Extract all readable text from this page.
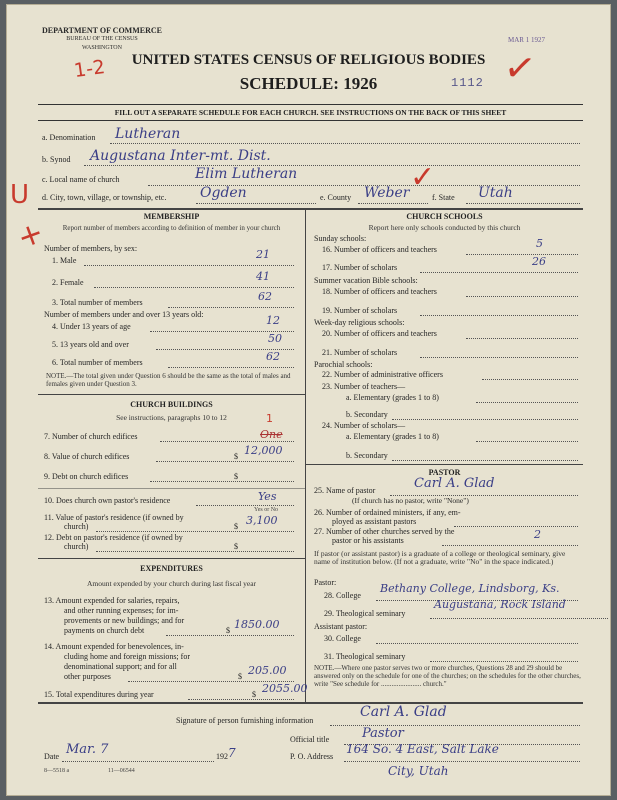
DEPARTMENT OF COMMERCE
BUREAU OF THE CENSUS
WASHINGTON
MAR 1 1927
1-2	UNITED STATES CENSUS OF RELIGIOUS BODIES
SCHEDULE: 1926	1112 ✓
FILL OUT A SEPARATE SCHEDULE FOR EACH CHURCH. SEE INSTRUCTIONS ON THE BACK OF THIS SHEET
a. Denomination Lutheran
b. Synod Augustana Inter-mt. Dist.
c. Local name of church	Elim Lutheran
d. City, town, village, or township, etc. Ogden	e. County Weber	f. State Utah
U	✓
+	MEMBERSHIP
Report number of members according to definition of member in your church
Number of members, by sex:
1. Male	21
2. Female	41
3. Total number of members	62
Number of members under and over 13 years old:
4. Under 13 years of age	12
5. 13 years old and over	50
6. Total number of members	62
NOTE.—The total given under Question 6 should be the same as the total of males and females given under Question 3.
CHURCH BUILDINGS
See instructions, paragraphs 10 to 12
7. Number of church edifices	One
1
8. Value of church edifices	$ 12,000
9. Debt on church edifices	$
10. Does church own pastor's residence	Yes
Yes or No
11. Value of pastor's residence (if owned by
church)	$ 3,100
12. Debt on pastor's residence (if owned by
church)	$
EXPENDITURES
Amount expended by your church during last fiscal year
13. Amount expended for salaries, repairs,
and other running expenses; for im-
provements or new buildings; and for
payments on church debt	$ 1850.00
14. Amount expended for benevolences, in-
cluding home and foreign missions; for
denominational support; and for all
other purposes	$ 205.00
15. Total expenditures during year	$ 2055.00
CHURCH SCHOOLS
Report here only schools conducted by this church
Sunday schools:
16. Number of officers and teachers	5
17. Number of scholars	26
Summer vacation Bible schools:
18. Number of officers and teachers
19. Number of scholars
Week-day religious schools:
20. Number of officers and teachers
21. Number of scholars
Parochial schools:
22. Number of administrative officers
23. Number of teachers—
a. Elementary (grades 1 to 8)
b. Secondary
24. Number of scholars—
a. Elementary (grades 1 to 8)
b. Secondary
PASTOR
25. Name of pastor	Carl A. Glad
(If church has no pastor, write "None")
26. Number of ordained ministers, if any, em-
ployed as assistant pastors
27. Number of other churches served by the
pastor or his assistants	2
If pastor (or assistant pastor) is a graduate of a college or theological seminary, give name of institution below. (If not a graduate, write "No" in the space indicated.)
Pastor:
28. College
Bethany College, Lindsborg, Ks.
29. Theological seminary
Augustana, Rock Island
Assistant pastor:
30. College
31. Theological seminary
NOTE.—Where one pastor serves two or more churches, Questions 28 and 29 should be answered only on the schedule for one of the churches; on the schedules for the other churches, write "See schedule for ....................... church."
Signature of person furnishing information
Carl A. Glad
Official title	Pastor
Date Mar. 7	192 7	P. O. Address
164 So. 4 East, Salt Lake
City, Utah
8—5518 a	11—06544
